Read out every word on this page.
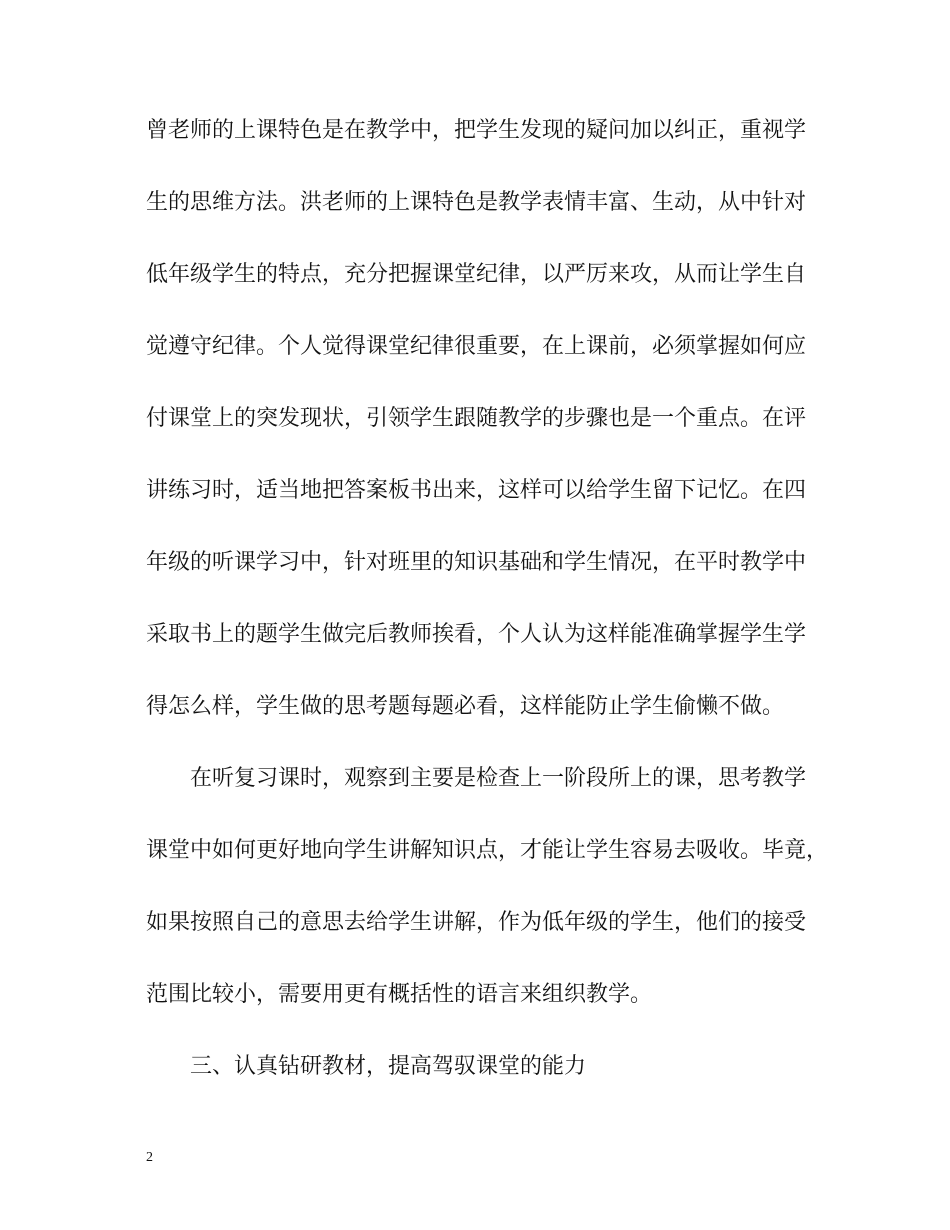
曾老师的上课特色是在教学中，把学生发现的疑问加以纠正，重视学

生的思维方法。洪老师的上课特色是教学表情丰富、生动，从中针对

低年级学生的特点，充分把握课堂纪律，以严厉来攻，从而让学生自

觉遵守纪律。个人觉得课堂纪律很重要，在上课前，必须掌握如何应

付课堂上的突发现状，引领学生跟随教学的步骤也是一个重点。在评

讲练习时，适当地把答案板书出来，这样可以给学生留下记忆。在四

年级的听课学习中，针对班里的知识基础和学生情况，在平时教学中

采取书上的题学生做完后教师挨看，个人认为这样能准确掌握学生学

得怎么样，学生做的思考题每题必看，这样能防止学生偷懒不做。

　　在听复习课时，观察到主要是检查上一阶段所上的课，思考教学

课堂中如何更好地向学生讲解知识点，才能让学生容易去吸收。毕竟，

如果按照自己的意思去给学生讲解，作为低年级的学生，他们的接受

范围比较小，需要用更有概括性的语言来组织教学。

　　三、认真钻研教材，提高驾驭课堂的能力

2
